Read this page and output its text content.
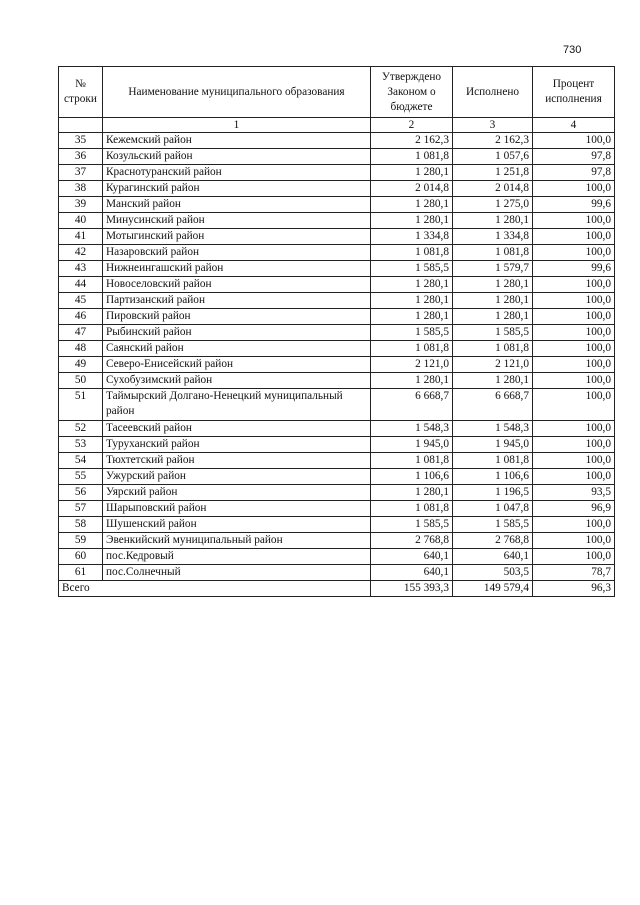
730
№ строки	Наименование муниципального образования	Утверждено Законом о бюджете	Исполнено	Процент исполнения
	1	2	3	4
35	Кежемский район	2 162,3	2 162,3	100,0
36	Козульский район	1 081,8	1 057,6	97,8
37	Краснотуранский район	1 280,1	1 251,8	97,8
38	Курагинский район	2 014,8	2 014,8	100,0
39	Манский район	1 280,1	1 275,0	99,6
40	Минусинский район	1 280,1	1 280,1	100,0
41	Мотыгинский район	1 334,8	1 334,8	100,0
42	Назаровский район	1 081,8	1 081,8	100,0
43	Нижнеингашский район	1 585,5	1 579,7	99,6
44	Новоселовский район	1 280,1	1 280,1	100,0
45	Партизанский район	1 280,1	1 280,1	100,0
46	Пировский район	1 280,1	1 280,1	100,0
47	Рыбинский район	1 585,5	1 585,5	100,0
48	Саянский район	1 081,8	1 081,8	100,0
49	Северо-Енисейский район	2 121,0	2 121,0	100,0
50	Сухобузимский район	1 280,1	1 280,1	100,0
51	Таймырский Долгано-Ненецкий муниципальный район	6 668,7	6 668,7	100,0
52	Тасеевский район	1 548,3	1 548,3	100,0
53	Туруханский район	1 945,0	1 945,0	100,0
54	Тюхтетский район	1 081,8	1 081,8	100,0
55	Ужурский район	1 106,6	1 106,6	100,0
56	Уярский район	1 280,1	1 196,5	93,5
57	Шарыповский район	1 081,8	1 047,8	96,9
58	Шушенский район	1 585,5	1 585,5	100,0
59	Эвенкийский муниципальный район	2 768,8	2 768,8	100,0
60	пос.Кедровый	640,1	640,1	100,0
61	пос.Солнечный	640,1	503,5	78,7
Всего		155 393,3	149 579,4	96,3
